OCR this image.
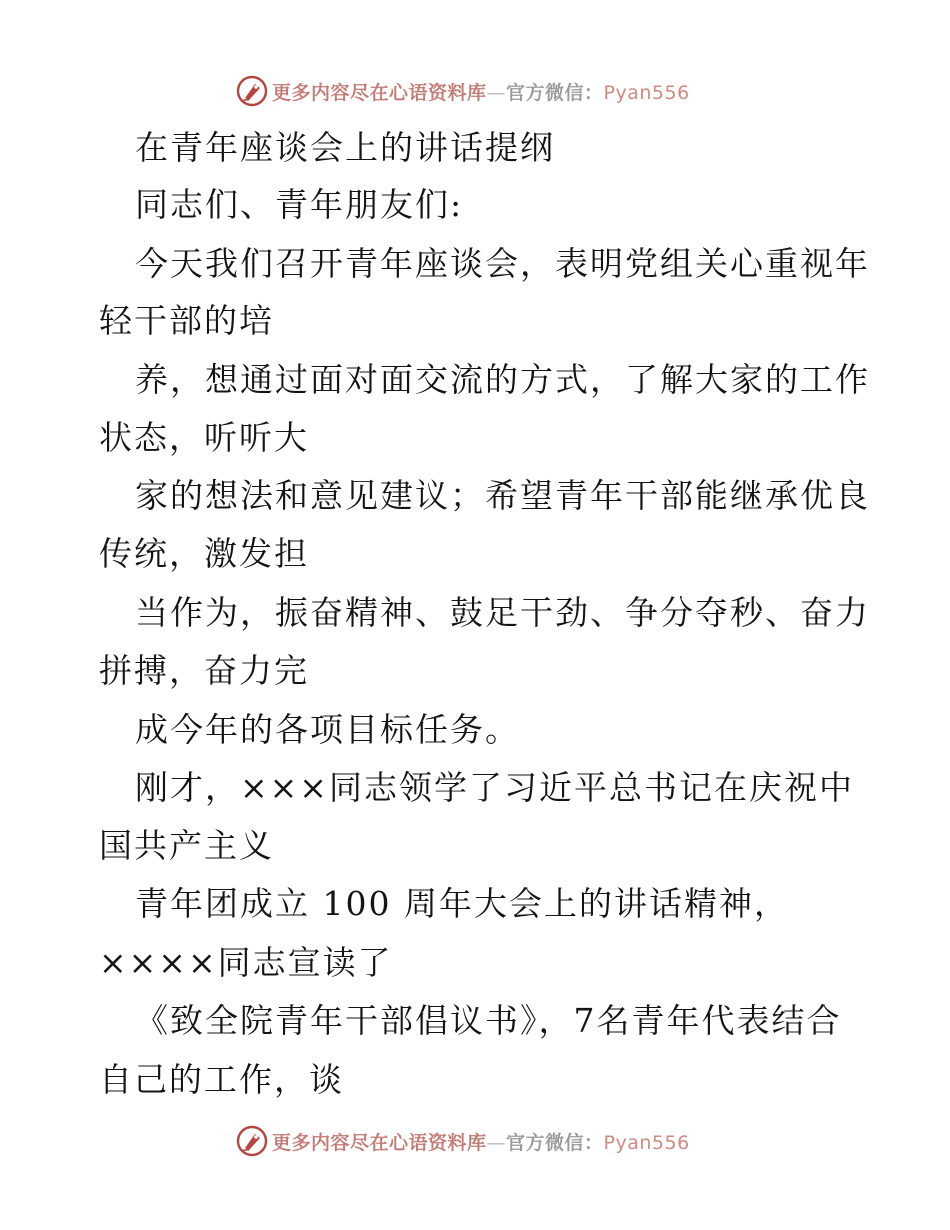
更多内容尽在心语资料库—官方微信：Pyan556
在青年座谈会上的讲话提纲
同志们、青年朋友们:
今天我们召开青年座谈会，表明党组关心重视年
轻干部的培
养，想通过面对面交流的方式，了解大家的工作
状态，听听大
家的想法和意见建议；希望青年干部能继承优良
传统，激发担
当作为，振奋精神、鼓足干劲、争分夺秒、奋力
拼搏，奋力完
成今年的各项目标任务。
刚才，×××同志领学了习近平总书记在庆祝中
国共产主义
青年团成立 100 周年大会上的讲话精神，
××××同志宣读了
《致全院青年干部倡议书》，7名青年代表结合
自己的工作，谈
更多内容尽在心语资料库—官方微信：Pyan556
